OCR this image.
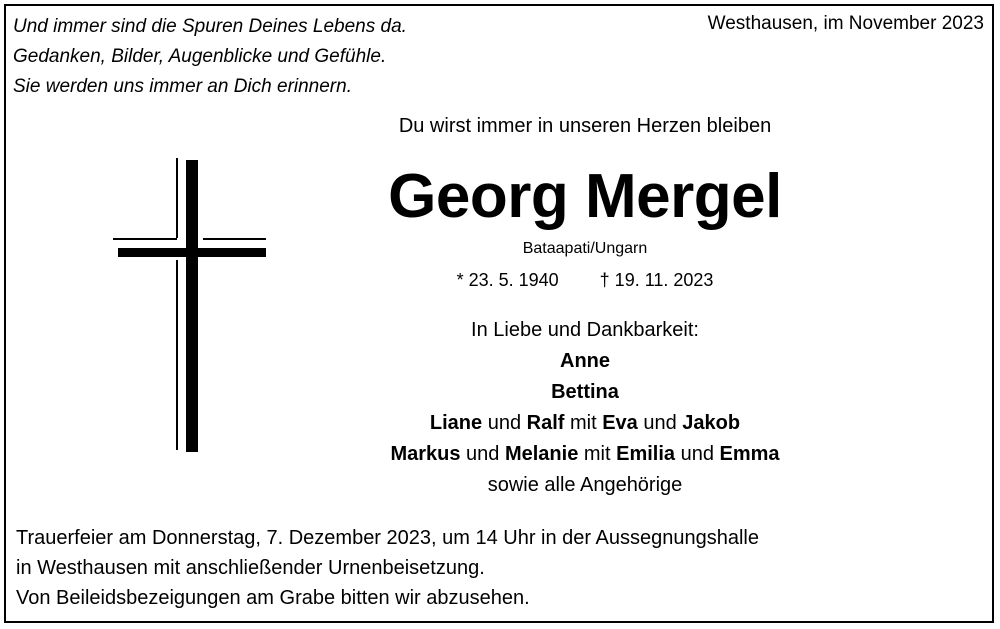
Und immer sind die Spuren Deines Lebens da.
Gedanken, Bilder, Augenblicke und Gefühle.
Sie werden uns immer an Dich erinnern.
Westhausen, im November 2023
Du wirst immer in unseren Herzen bleiben
Georg Mergel
Bataapati/Ungarn
* 23. 5. 1940 † 19. 11. 2023
In Liebe und Dankbarkeit:
Anne
Bettina
Liane und Ralf mit Eva und Jakob
Markus und Melanie mit Emilia und Emma
sowie alle Angehörige
Trauerfeier am Donnerstag, 7. Dezember 2023, um 14 Uhr in der Aussegnungshalle
in Westhausen mit anschließender Urnenbeisetzung.
Von Beileidsbezeigungen am Grabe bitten wir abzusehen.
